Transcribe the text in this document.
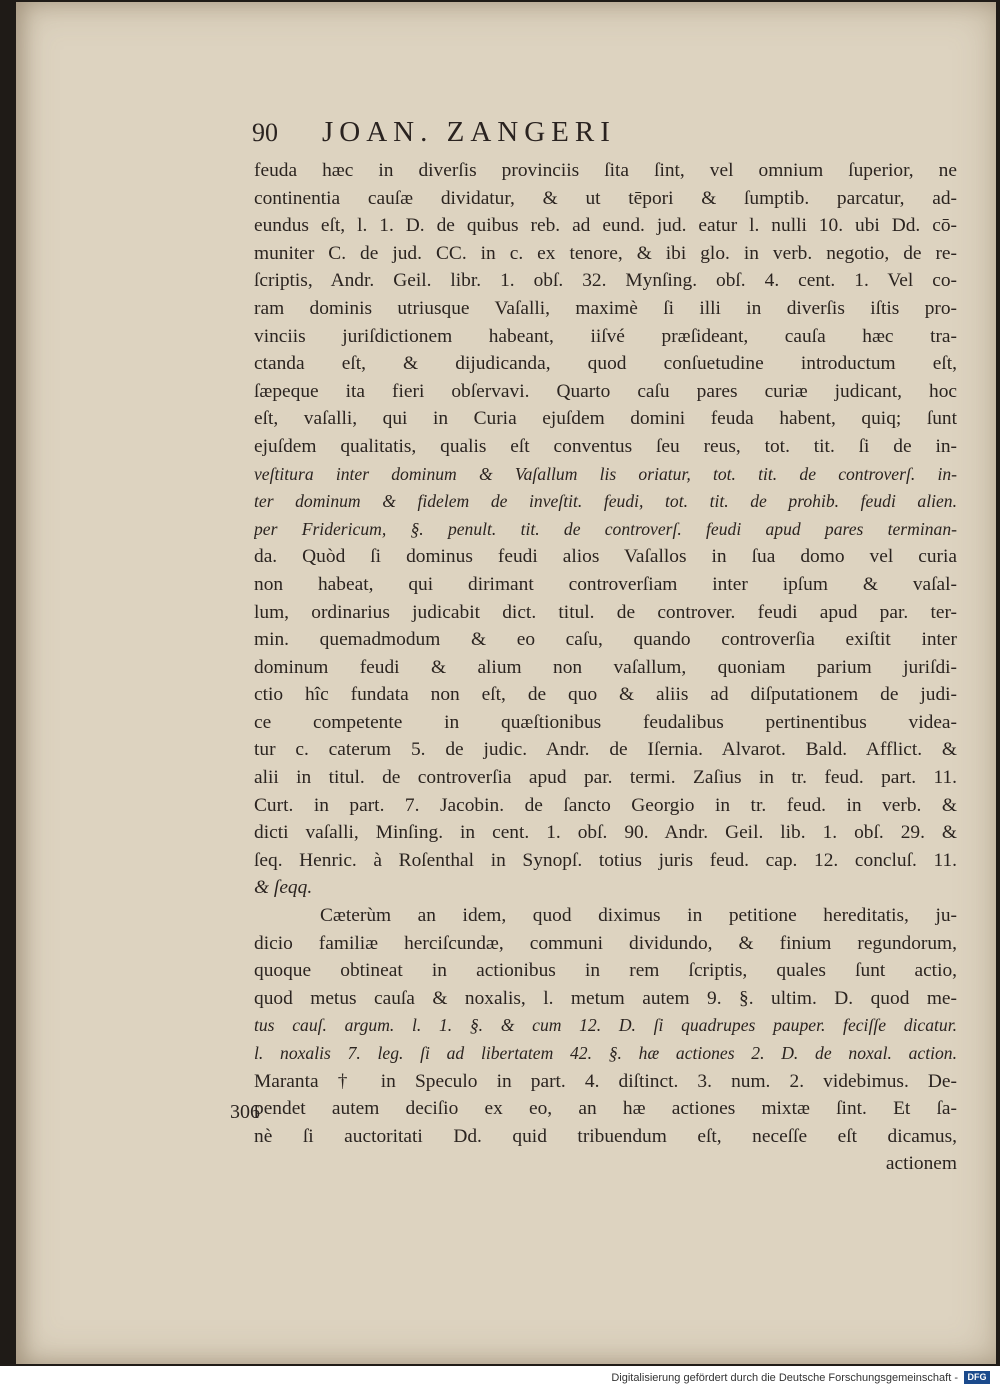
90	JOAN. ZANGERI
feuda hæc in diverſis provinciis ſita ſint, vel omnium ſuperior, ne
continentia cauſæ dividatur, & ut tēpori & ſumptib. parcatur, ad-
eundus eſt, l. 1. D. de quibus reb. ad eund. jud. eatur l. nulli 10. ubi Dd. cō-
muniter C. de jud. CC. in c. ex tenore, & ibi glo. in verb. negotio, de re-
ſcriptis, Andr. Geil. libr. 1. obſ. 32. Mynſing. obſ. 4. cent. 1. Vel co-
ram dominis utriusque Vaſalli, maximè ſi illi in diverſis iſtis pro-
vinciis juriſdictionem habeant, iiſvé præſideant, cauſa hæc tra-
ctanda eſt, & dijudicanda, quod conſuetudine introductum eſt,
ſæpeque ita fieri obſervavi. Quarto caſu pares curiæ judicant, hoc
eſt, vaſalli, qui in Curia ejuſdem domini feuda habent, quiq; ſunt
ejuſdem qualitatis, qualis eſt conventus ſeu reus, tot. tit. ſi de in-
veſtitura inter dominum & Vaſallum lis oriatur, tot. tit. de controverſ. in-
ter dominum & fidelem de inveſtit. feudi, tot. tit. de prohib. feudi alien.
per Fridericum, §. penult. tit. de controverſ. feudi apud pares terminan-
da. Quòd ſi dominus feudi alios Vaſallos in ſua domo vel curia
non habeat, qui dirimant controverſiam inter ipſum & vaſal-
lum, ordinarius judicabit dict. titul. de controver. feudi apud par. ter-
min. quemadmodum & eo caſu, quando controverſia exiſtit inter
dominum feudi & alium non vaſallum, quoniam parium juriſdi-
ctio hîc fundata non eſt, de quo & aliis ad diſputationem de judi-
ce competente in quæſtionibus feudalibus pertinentibus videa-
tur c. caterum 5. de judic. Andr. de Iſernia. Alvarot. Bald. Afflict. &
alii in titul. de controverſia apud par. termi. Zaſius in tr. feud. part. 11.
Curt. in part. 7. Jacobin. de ſancto Georgio in tr. feud. in verb. &
dicti vaſalli, Minſing. in cent. 1. obſ. 90. Andr. Geil. lib. 1. obſ. 29. &
ſeq. Henric. à Roſenthal in Synopſ. totius juris feud. cap. 12. concluſ. 11.
& ſeqq.
Cæterùm an idem, quod diximus in petitione hereditatis, ju-
dicio familiæ herciſcundæ, communi dividundo, & finium regundorum,
quoque obtineat in actionibus in rem ſcriptis, quales ſunt actio,
quod metus cauſa & noxalis, l. metum autem 9. §. ultim. D. quod me-
tus cauſ. argum. l. 1. §. & cum 12. D. ſi quadrupes pauper. feciſſe dicatur.
l. noxalis 7. leg. ſi ad libertatem 42. §. hæ actiones 2. D. de noxal. action.
Maranta † in Speculo in part. 4. diſtinct. 3. num. 2. videbimus. De-
pendet autem deciſio ex eo, an hæ actiones mixtæ ſint. Et ſa-
nè ſi auctoritati Dd. quid tribuendum eſt, neceſſe eſt dicamus,
actionem
306
Digitalisierung gefördert durch die Deutsche Forschungsgemeinschaft -	DFG
